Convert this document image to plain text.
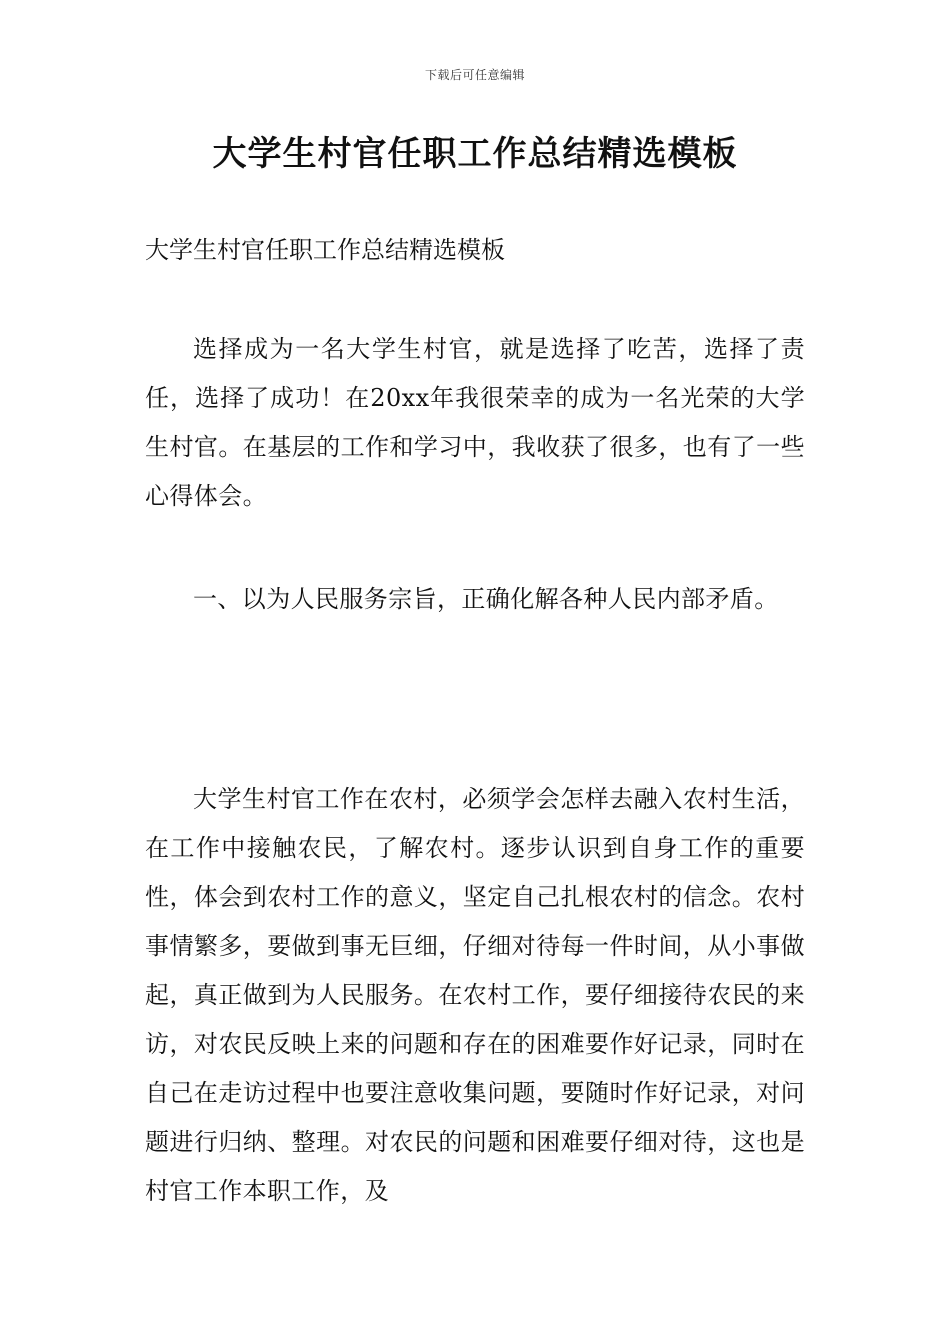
下载后可任意编辑
大学生村官任职工作总结精选模板

大学生村官任职工作总结精选模板

选择成为一名大学生村官，就是选择了吃苦，选择了责任，选择了成功！在20xx年我很荣幸的成为一名光荣的大学生村官。在基层的工作和学习中，我收获了很多，也有了一些心得体会。

一、以为人民服务宗旨，正确化解各种人民内部矛盾。

大学生村官工作在农村，必须学会怎样去融入农村生活，在工作中接触农民，了解农村。逐步认识到自身工作的重要性，体会到农村工作的意义，坚定自己扎根农村的信念。农村事情繁多，要做到事无巨细，仔细对待每一件时间，从小事做起，真正做到为人民服务。在农村工作，要仔细接待农民的来访，对农民反映上来的问题和存在的困难要作好记录，同时在自己在走访过程中也要注意收集问题，要随时作好记录，对问题进行归纳、整理。对农民的问题和困难要仔细对待，这也是村官工作本职工作，及
